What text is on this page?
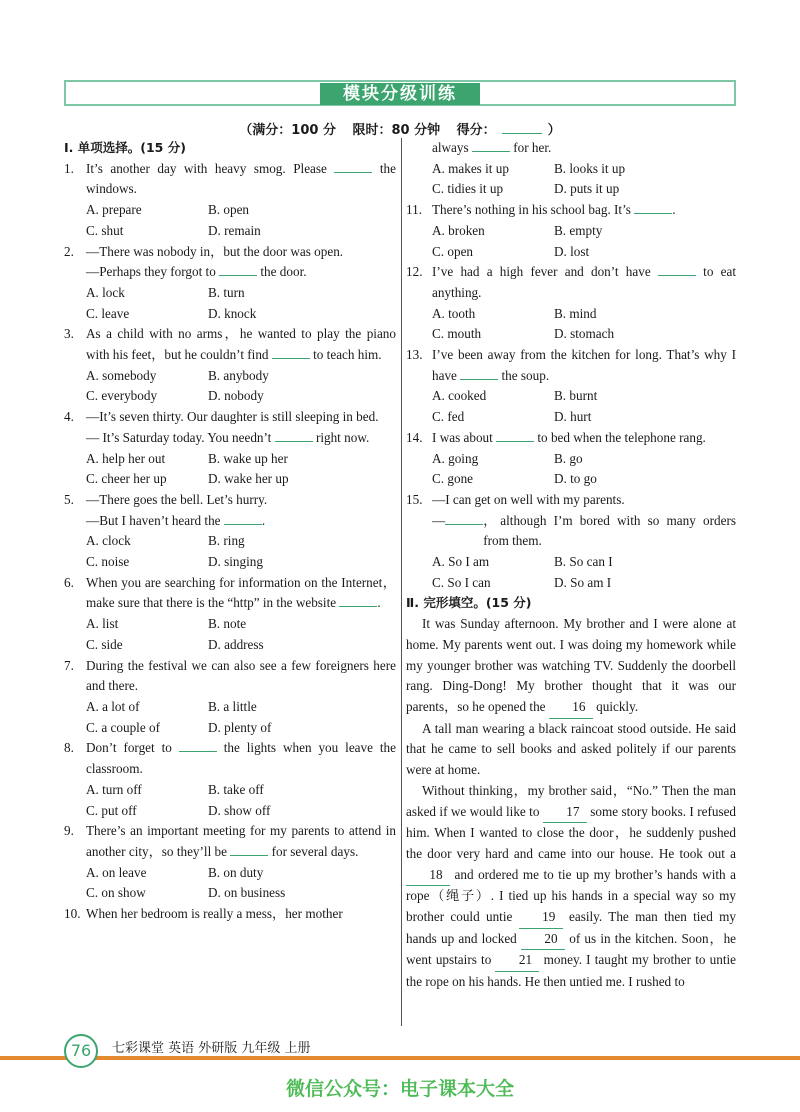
模块分级训练
（满分：100 分 限时：80 分钟 得分：	）
Ⅰ. 单项选择。(15 分)
1. It’s another day with heavy smog. Please	the windows.
A. prepare	B. open
C. shut	D. remain
2. —There was nobody in，but the door was open.
—Perhaps they forgot to	the door.
A. lock	B. turn
C. leave	D. knock
3. As a child with no arms，he wanted to play the piano with his feet，but he couldn’t find	to teach him.
A. somebody	B. anybody
C. everybody	D. nobody
4. —It’s seven thirty. Our daughter is still sleeping in bed.
— It’s Saturday today. You needn’t	right now.
A. help her out	B. wake up her
C. cheer her up	D. wake her up
5. —There goes the bell. Let’s hurry.
—But I haven’t heard the	.
A. clock	B. ring
C. noise	D. singing
6. When you are searching for information on the Internet，make sure that there is the “http” in the website	.
A. list	B. note
C. side	D. address
7. During the festival we can also see a few foreigners here and there.
A. a lot of	B. a little
C. a couple of	D. plenty of
8. Don’t forget to	the lights when you leave the classroom.
A. turn off	B. take off
C. put off	D. show off
9. There’s an important meeting for my parents to attend in another city，so they’ll be	for several days.
A. on leave	B. on duty
C. on show	D. on business
10. When her bedroom is really a mess，her mother
always	for her.
A. makes it up	B. looks it up
C. tidies it up	D. puts it up
11. There’s nothing in his school bag. It’s	.
A. broken	B. empty
C. open	D. lost
12. I’ve had a high fever and don’t have	to eat anything.
A. tooth	B. mind
C. mouth	D. stomach
13. I’ve been away from the kitchen for long. That’s why I have	the soup.
A. cooked	B. burnt
C. fed	D. hurt
14. I was about	to bed when the telephone rang.
A. going	B. go
C. gone	D. to go
15. —I can get on well with my parents.
—	，although I’m bored with so many orders from them.
A. So I am	B. So can I
C. So I can	D. So am I
Ⅱ. 完形填空。(15 分)

It was Sunday afternoon. My brother and I were alone at home. My parents went out. I was doing my homework while my younger brother was watching TV. Suddenly the doorbell rang. Ding-Dong! My brother thought that it was our parents，so he opened the 16 quickly.

A tall man wearing a black raincoat stood outside. He said that he came to sell books and asked politely if our parents were at home.

Without thinking，my brother said，“No.” Then the man asked if we would like to 17 some story books. I refused him. When I wanted to close the door，he suddenly pushed the door very hard and came into our house. He took out a 18 and ordered me to tie up my brother’s hands with a rope（绳子）. I tied up his hands in a special way so my brother could untie 19 easily. The man then tied my hands up and locked 20 of us in the kitchen. Soon，he went upstairs to 21 money. I taught my brother to untie the rope on his hands. He then untied me. I rushed to

76	七彩课堂 英语 外研版 九年级 上册
微信公众号：电子课本大全
